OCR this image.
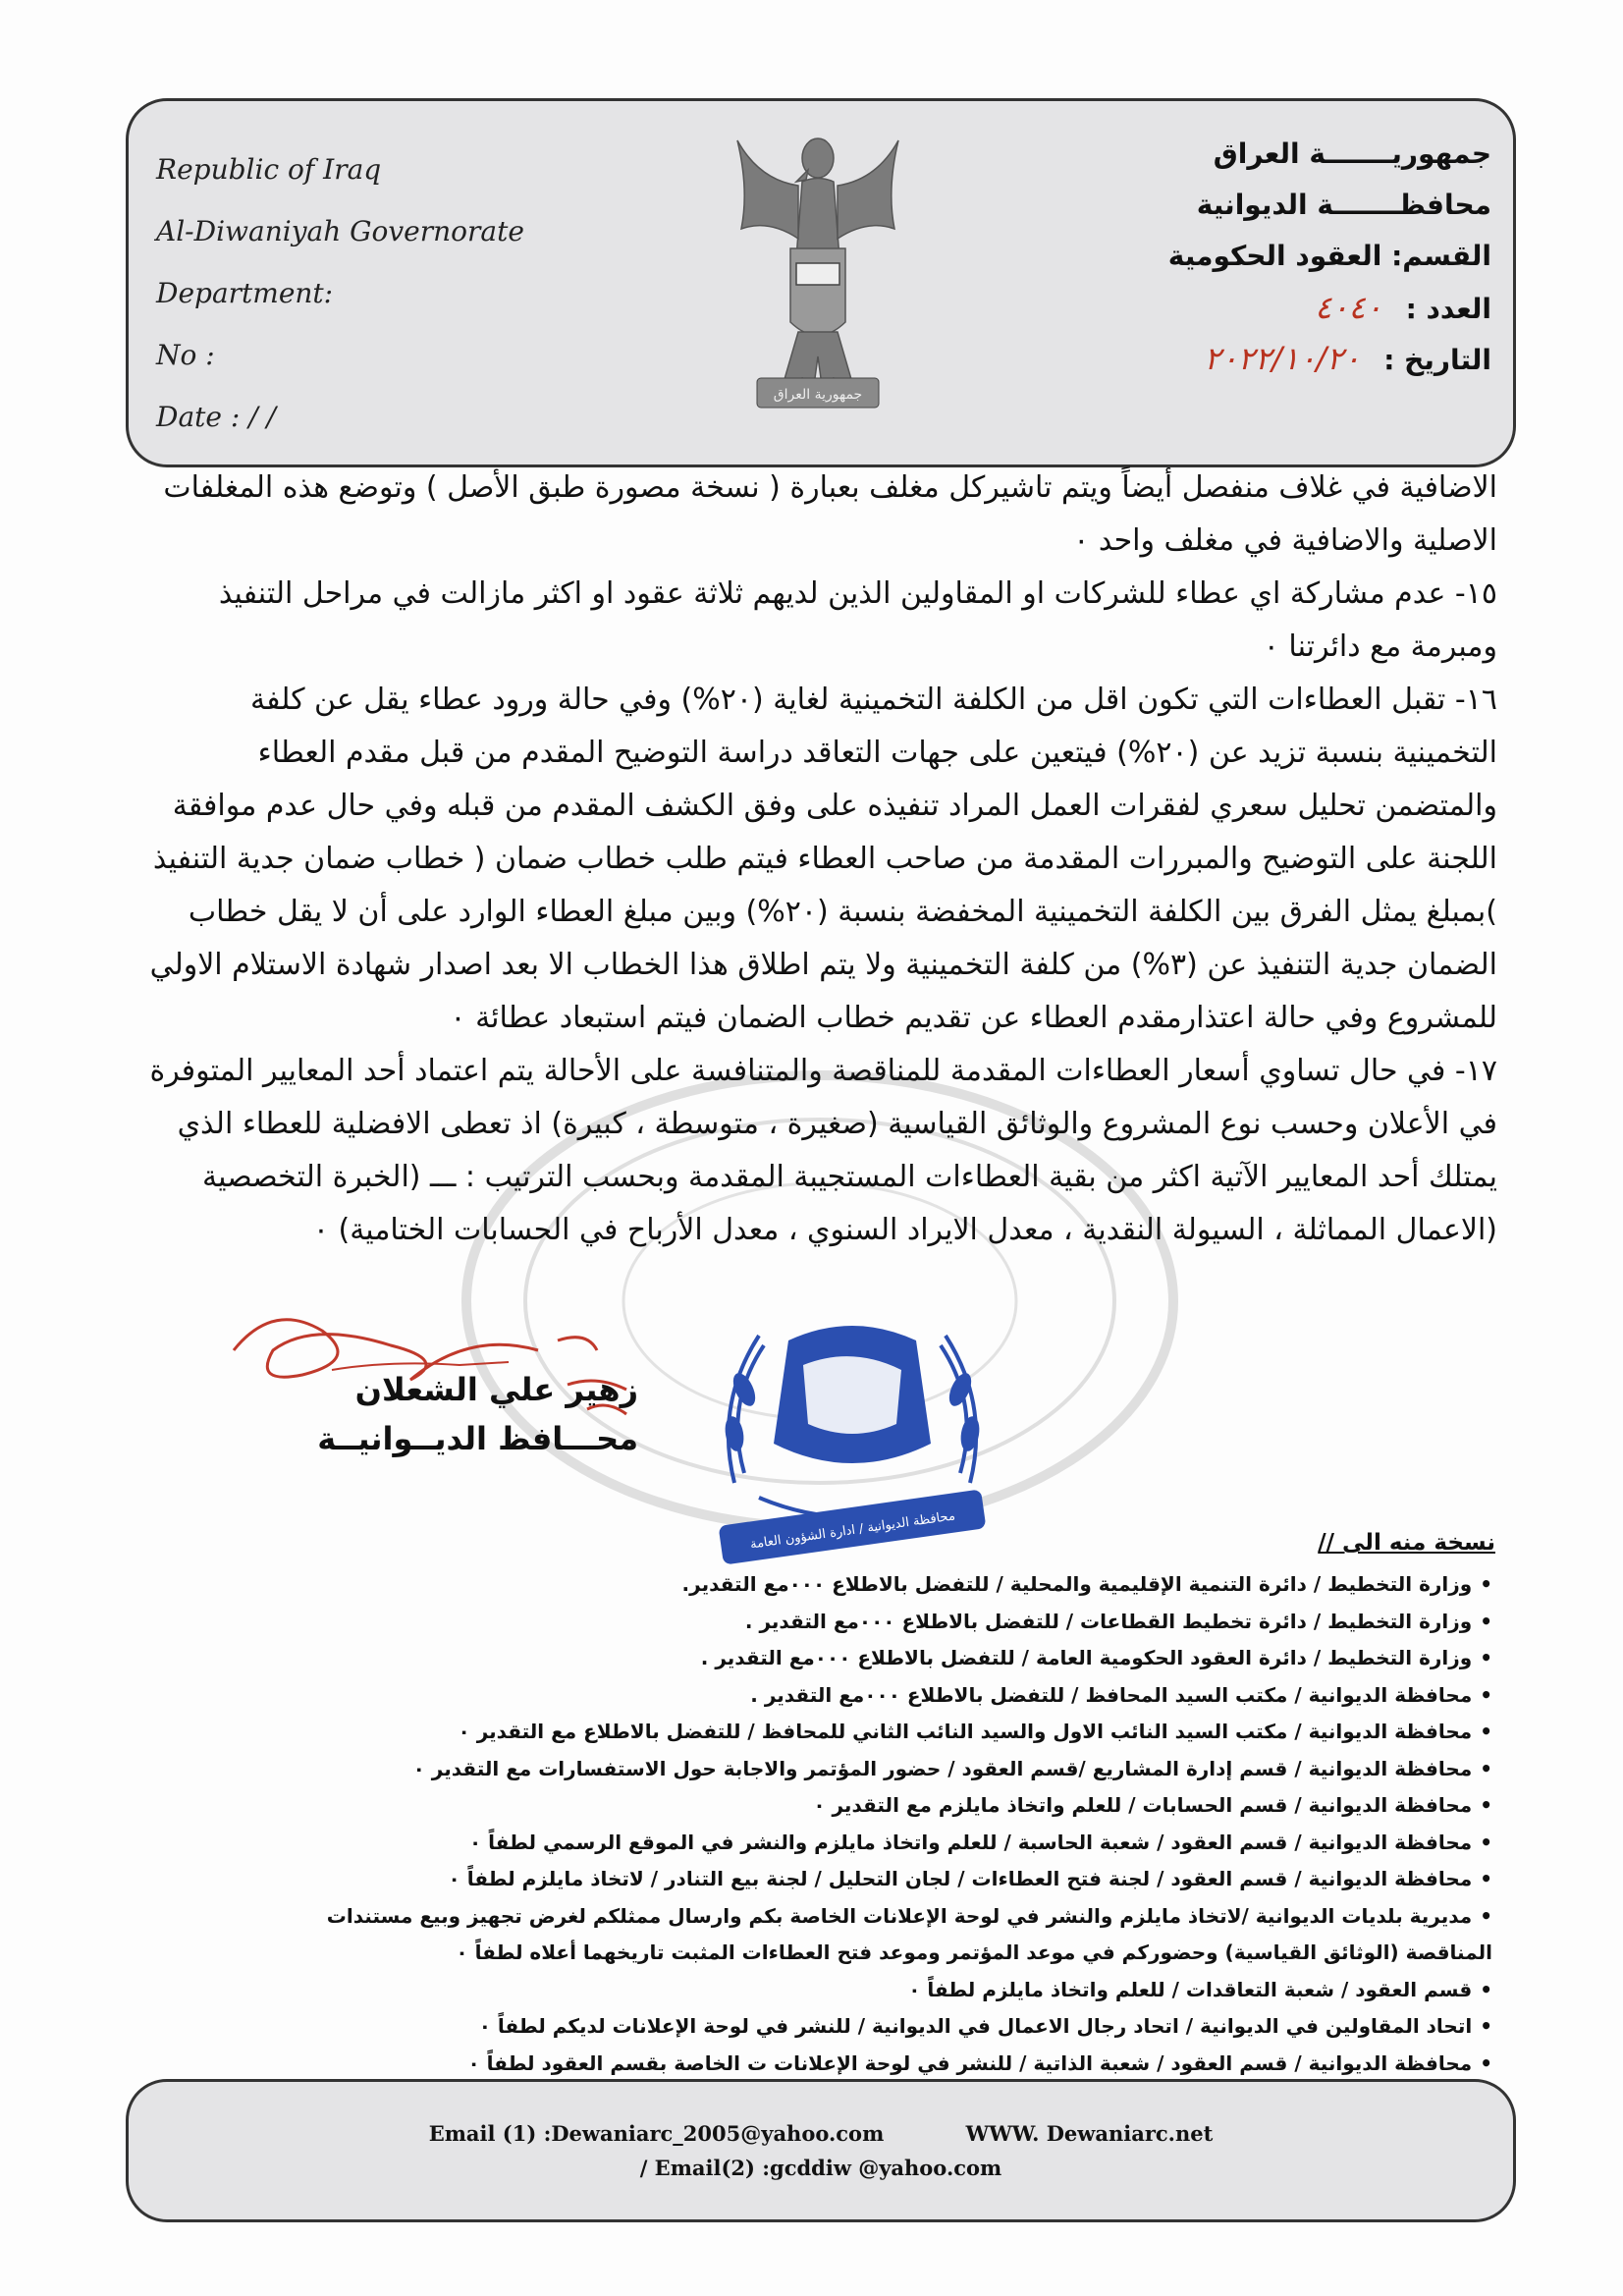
Republic of Iraq
Al-Diwaniyah Governorate
Department:
No :
Date : / /
جمهورية العراق
جمهوريـــــــة العراق
محافظـــــــة الديوانية
القسم: العقود الحكومية
العدد : ٤٠٤٠
التاريخ : ٢٠٢٢/١٠/٢٠

الاضافية في غلاف منفصل أيضاً ويتم تاشيركل مغلف بعبارة ( نسخة مصورة طبق الأصل ) وتوضع هذه المغلفات الاصلية والاضافية في مغلف واحد ٠

١٥- عدم مشاركة اي عطاء للشركات او المقاولين الذين لديهم ثلاثة عقود او اكثر مازالت في مراحل التنفيذ ومبرمة مع دائرتنا ٠

١٦- تقبل العطاءات التي تكون اقل من الكلفة التخمينية لغاية (٢٠%) وفي حالة ورود عطاء يقل عن كلفة التخمينية بنسبة تزيد عن (٢٠%) فيتعين على جهات التعاقد دراسة التوضيح المقدم من قبل مقدم العطاء والمتضمن تحليل سعري لفقرات العمل المراد تنفيذه على وفق الكشف المقدم من قبله وفي حال عدم موافقة اللجنة على التوضيح والمبررات المقدمة من صاحب العطاء فيتم طلب خطاب ضمان ( خطاب ضمان جدية التنفيذ )بمبلغ يمثل الفرق بين الكلفة التخمينية المخفضة بنسبة (٢٠%) وبين مبلغ العطاء الوارد على أن لا يقل خطاب الضمان جدية التنفيذ عن (٣%) من كلفة التخمينية ولا يتم اطلاق هذا الخطاب الا بعد اصدار شهادة الاستلام الاولي للمشروع وفي حالة اعتذارمقدم العطاء عن تقديم خطاب الضمان فيتم استبعاد عطائة ٠

١٧- في حال تساوي أسعار العطاءات المقدمة للمناقصة والمتنافسة على الأحالة يتم اعتماد أحد المعايير المتوفرة في الأعلان وحسب نوع المشروع والوثائق القياسية (صغيرة ، متوسطة ، كبيرة) اذ تعطى الافضلية للعطاء الذي يمتلك أحد المعايير الآتية اكثر من بقية العطاءات المستجيبة المقدمة وبحسب الترتيب : ـــ (الخبرة التخصصية (الاعمال المماثلة ، السيولة النقدية ، معدل الايراد السنوي ، معدل الأرباح في الحسابات الختامية) ٠

زهير علي الشعلان
محـــافظ الديــوانيــة
محافظة الديوانية / ادارة الشؤون العامة	نسخة منه الى //
•وزارة التخطيط / دائرة التنمية الإقليمية والمحلية / للتفضل بالاطلاع ٠٠٠مع التقدير.
•وزارة التخطيط / دائرة تخطيط القطاعات / للتفضل بالاطلاع ٠٠٠مع التقدير .
•وزارة التخطيط / دائرة العقود الحكومية العامة / للتفضل بالاطلاع ٠٠٠مع التقدير .
•محافظة الديوانية / مكتب السيد المحافظ / للتفضل بالاطلاع ٠٠٠مع التقدير .
•محافظة الديوانية / مكتب السيد النائب الاول والسيد النائب الثاني للمحافظ / للتفضل بالاطلاع مع التقدير ٠
•محافظة الديوانية / قسم إدارة المشاريع /قسم العقود / حضور المؤتمر والاجابة حول الاستفسارات مع التقدير ٠
•محافظة الديوانية / قسم الحسابات / للعلم واتخاذ مايلزم مع التقدير ٠
•محافظة الديوانية / قسم العقود / شعبة الحاسبة / للعلم واتخاذ مايلزم والنشر في الموقع الرسمي لطفاً ٠
•محافظة الديوانية / قسم العقود / لجنة فتح العطاءات / لجان التحليل / لجنة بيع التنادر / لاتخاذ مايلزم لطفاً ٠
•مديرية بلديات الديوانية /لاتخاذ مايلزم والنشر في لوحة الإعلانات الخاصة بكم وارسال ممثلكم لغرض تجهيز وبيع مستندات
المناقصة (الوثائق القياسية) وحضوركم في موعد المؤتمر وموعد فتح العطاءات المثبت تاريخهما أعلاه لطفاً ٠
•قسم العقود / شعبة التعاقدات / للعلم واتخاذ مايلزم لطفاً ٠
•اتحاد المقاولين في الديوانية / اتحاد رجال الاعمال في الديوانية / للنشر في لوحة الإعلانات لديكم لطفاً ٠
•محافظة الديوانية / قسم العقود / شعبة الذاتية / للنشر في لوحة الإعلانات ت الخاصة بقسم العقود لطفاً ٠
Email (1) :Dewaniarc_2005@yahoo.com	WWW. Dewaniarc.net
/ Email(2) :gcddiw @yahoo.com
